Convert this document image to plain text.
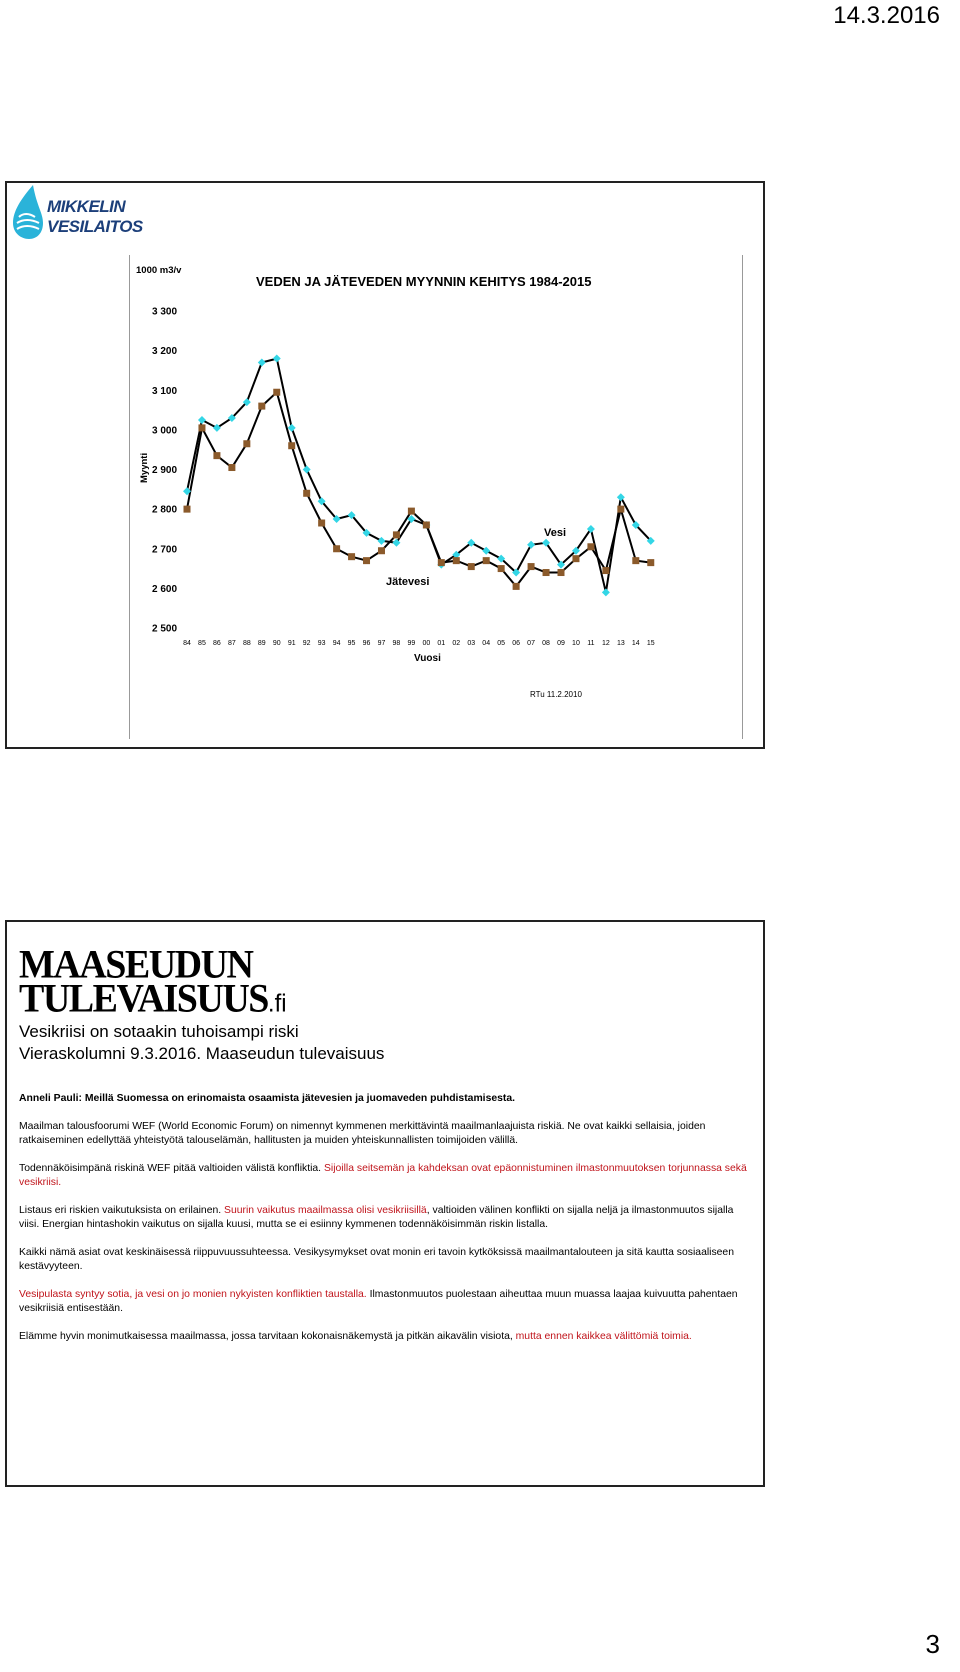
14.3.2016
MIKKELIN
VESILAITOS
1000 m3/v
VEDEN JA JÄTEVEDEN MYYNNIN KEHITYS 1984-2015
Myynti
Vuosi
RTu 11.2.2010
Vesi
Jätevesi
2 500
2 600
2 700
2 800
2 900
3 000
3 100
3 200
3 300
84 85 86 87 88 89 90 91 92 93 94 95 96 97 98 99 00 01 02 03 04 05 06 07 08 09 10 11 12 13 14 15
MAASEUDUN
TULEVAISUUS.fi
Vesikriisi on sotaakin tuhoisampi riski
Vieraskolumni 9.3.2016. Maaseudun tulevaisuus

Anneli Pauli: Meillä Suomessa on erinomaista osaamista jätevesien ja juomaveden puhdistamisesta.

Maailman talousfoorumi WEF (World Economic Forum) on nimennyt kymmenen merkittävintä maailmanlaajuista riskiä. Ne ovat kaikki sellaisia, joiden ratkaiseminen edellyttää yhteistyötä talouselämän, hallitusten ja muiden yhteiskunnallisten toimijoiden välillä.

Todennäköisimpänä riskinä WEF pitää valtioiden välistä konfliktia. Sijoilla seitsemän ja kahdeksan ovat epäonnistuminen ilmastonmuutoksen torjunnassa sekä vesikriisi.

Listaus eri riskien vaikutuksista on erilainen. Suurin vaikutus maailmassa olisi vesikriisillä, valtioiden välinen konflikti on sijalla neljä ja ilmastonmuutos sijalla viisi. Energian hintashokin vaikutus on sijalla kuusi, mutta se ei esiinny kymmenen todennäköisimmän riskin listalla.

Kaikki nämä asiat ovat keskinäisessä riippuvuussuhteessa. Vesikysymykset ovat monin eri tavoin kytköksissä maailmantalouteen ja sitä kautta sosiaaliseen kestävyyteen.

Vesipulasta syntyy sotia, ja vesi on jo monien nykyisten konfliktien taustalla. Ilmastonmuutos puolestaan aiheuttaa muun muassa laajaa kuivuutta pahentaen vesikriisiä entisestään.

Elämme hyvin monimutkaisessa maailmassa, jossa tarvitaan kokonaisnäkemystä ja pitkän aikavälin visiota, mutta ennen kaikkea välittömiä toimia.

3
